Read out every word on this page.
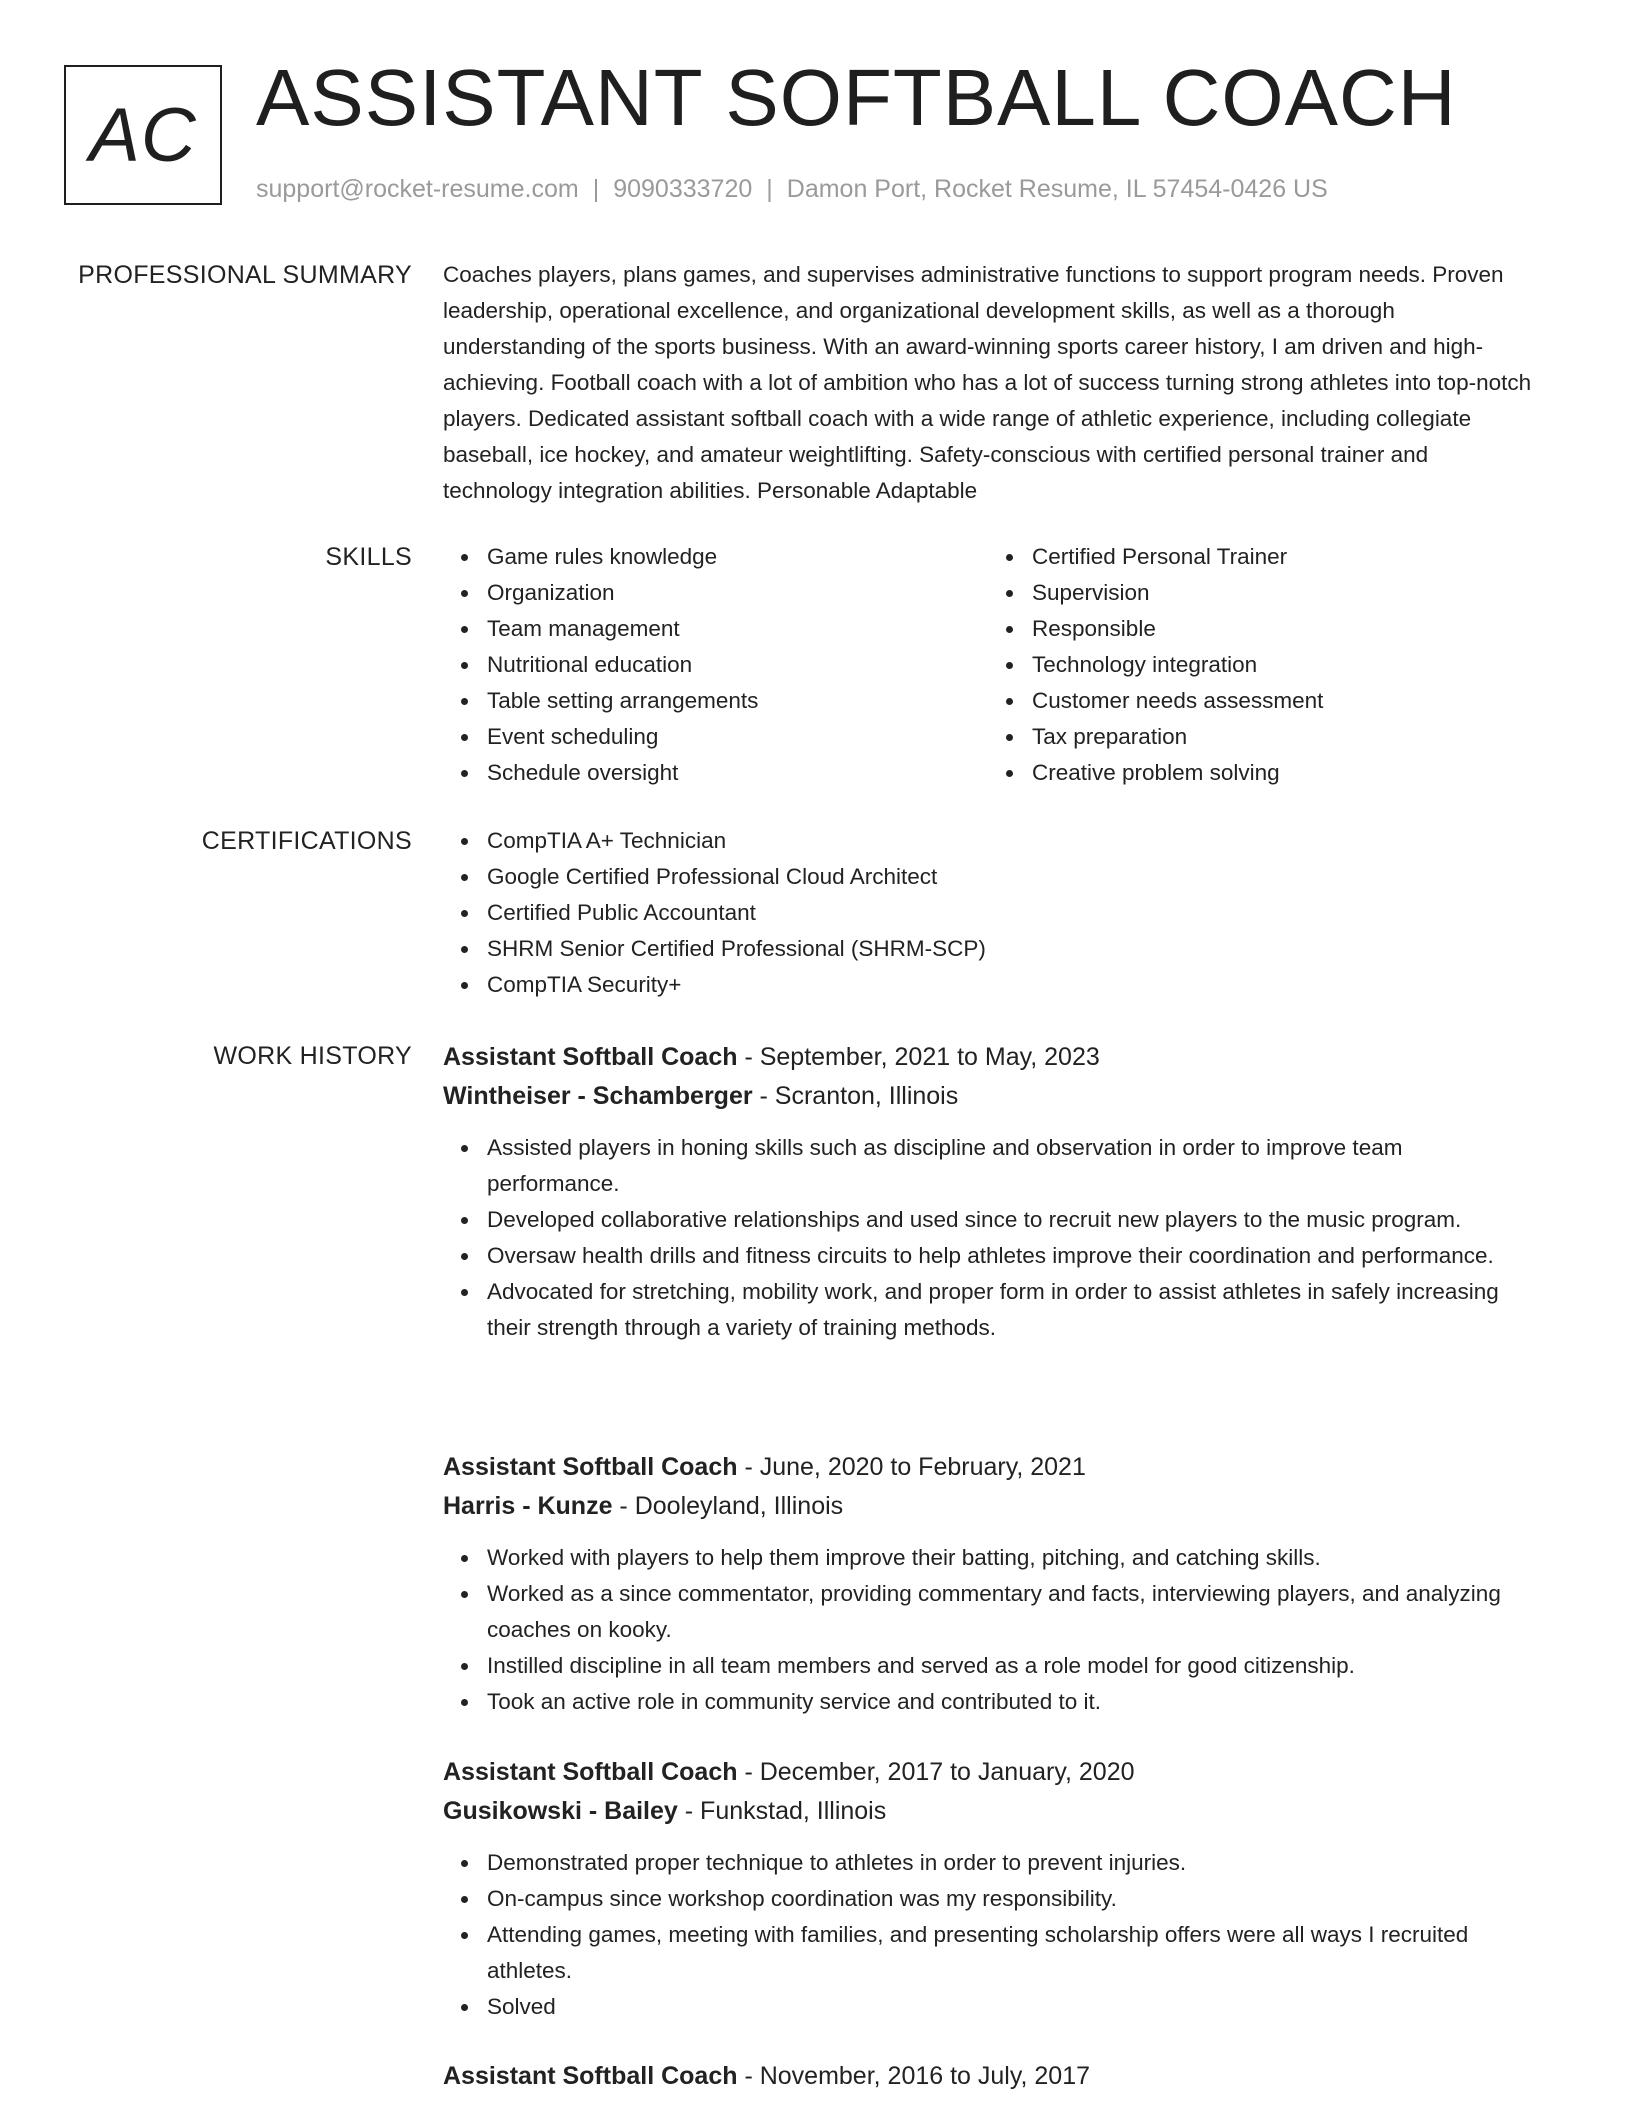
AC ASSISTANT SOFTBALL COACH
support@rocket-resume.com | 9090333720 | Damon Port, Rocket Resume, IL 57454-0426 US
PROFESSIONAL SUMMARY Coaches players, plans games, and supervises administrative functions to support program needs. Proven leadership, operational excellence, and organizational development skills, as well as a thorough understanding of the sports business. With an award-winning sports career history, I am driven and high-achieving. Football coach with a lot of ambition who has a lot of success turning strong athletes into top-notch players. Dedicated assistant softball coach with a wide range of athletic experience, including collegiate baseball, ice hockey, and amateur weightlifting. Safety-conscious with certified personal trainer and technology integration abilities. Personable Adaptable

SKILLS	Game rules knowledge
Organization
Team management
Nutritional education
Table setting arrangements
Event scheduling
Schedule oversight
Certified Personal Trainer
Supervision
Responsible
Technology integration
Customer needs assessment
Tax preparation
Creative problem solving
CERTIFICATIONS	CompTIA A+ Technician
Google Certified Professional Cloud Architect
Certified Public Accountant
SHRM Senior Certified Professional (SHRM-SCP)
CompTIA Security+
WORK HISTORY Assistant Softball Coach - September, 2021 to May, 2023
Wintheiser - Schamberger - Scranton, Illinois
Assisted players in honing skills such as discipline and observation in order to improve team performance.
Developed collaborative relationships and used since to recruit new players to the music program.
Oversaw health drills and fitness circuits to help athletes improve their coordination and performance.
Advocated for stretching, mobility work, and proper form in order to assist athletes in safely increasing their strength through a variety of training methods.
Assistant Softball Coach - June, 2020 to February, 2021
Harris - Kunze - Dooleyland, Illinois
Worked with players to help them improve their batting, pitching, and catching skills.
Worked as a since commentator, providing commentary and facts, interviewing players, and analyzing coaches on kooky.
Instilled discipline in all team members and served as a role model for good citizenship.
Took an active role in community service and contributed to it.
Assistant Softball Coach - December, 2017 to January, 2020
Gusikowski - Bailey - Funkstad, Illinois
Demonstrated proper technique to athletes in order to prevent injuries.
On-campus since workshop coordination was my responsibility.
Attending games, meeting with families, and presenting scholarship offers were all ways I recruited athletes.
Solved
Assistant Softball Coach - November, 2016 to July, 2017
